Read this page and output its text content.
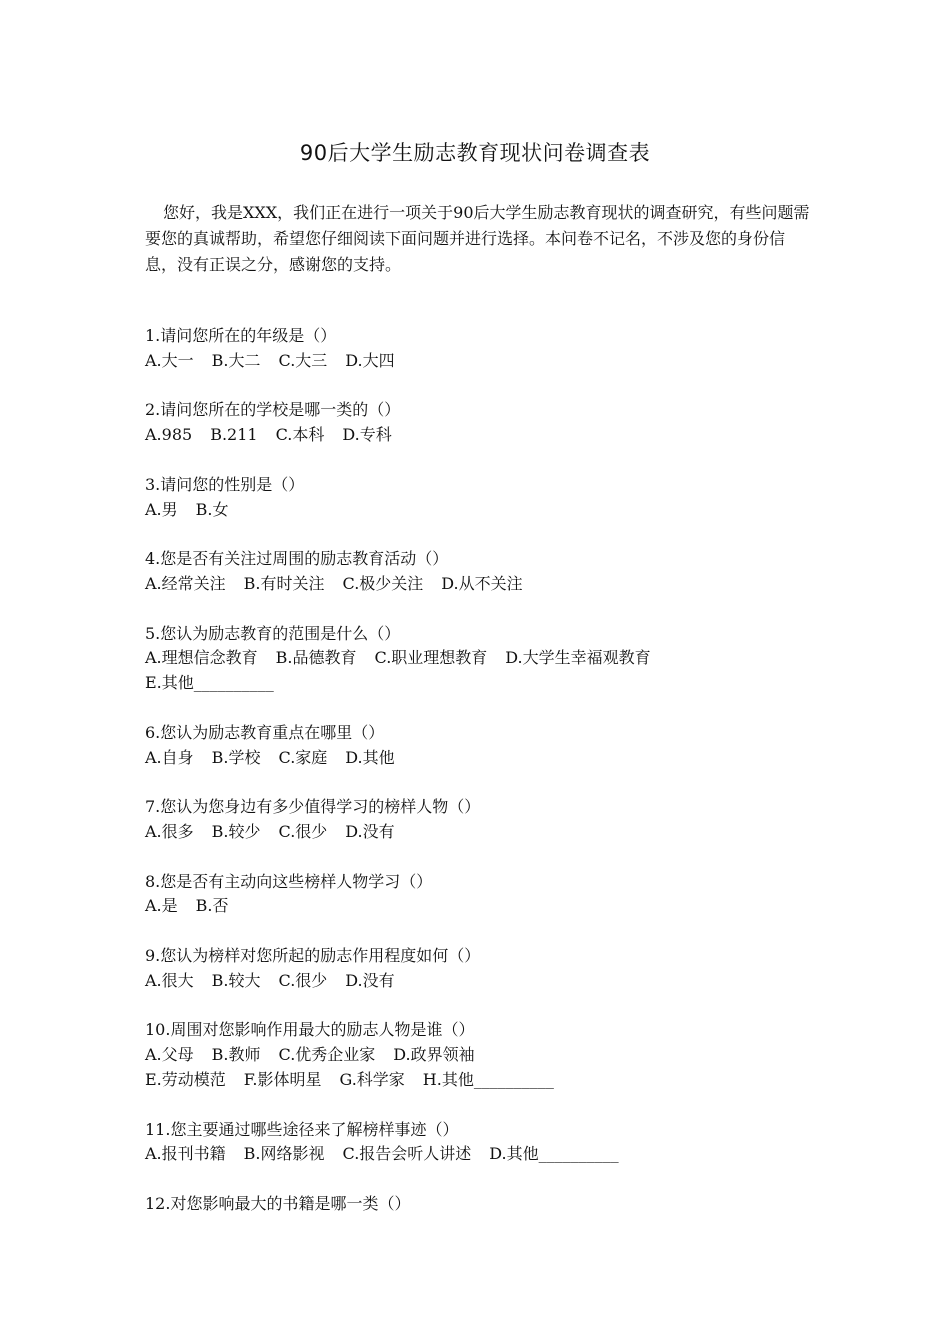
90后大学生励志教育现状问卷调查表

您好，我是XXX，我们正在进行一项关于90后大学生励志教育现状的调查研究，有些问题需要您的真诚帮助，希望您仔细阅读下面问题并进行选择。本问卷不记名，不涉及您的身份信息，没有正误之分，感谢您的支持。

1.请问您所在的年级是（）
A.大一 B.大二 C.大三 D.大四
2.请问您所在的学校是哪一类的（）
A.985 B.211 C.本科 D.专科
3.请问您的性别是（）
A.男 B.女
4.您是否有关注过周围的励志教育活动（）
A.经常关注 B.有时关注 C.极少关注 D.从不关注
5.您认为励志教育的范围是什么（）
A.理想信念教育 B.品德教育 C.职业理想教育 D.大学生幸福观教育
E.其他__________
6.您认为励志教育重点在哪里（）
A.自身 B.学校 C.家庭 D.其他
7.您认为您身边有多少值得学习的榜样人物（）
A.很多 B.较少 C.很少 D.没有
8.您是否有主动向这些榜样人物学习（）
A.是 B.否
9.您认为榜样对您所起的励志作用程度如何（）
A.很大 B.较大 C.很少 D.没有
10.周围对您影响作用最大的励志人物是谁（）
A.父母 B.教师 C.优秀企业家 D.政界领袖
E.劳动模范 F.影体明星 G.科学家 H.其他__________
11.您主要通过哪些途径来了解榜样事迹（）
A.报刊书籍 B.网络影视 C.报告会听人讲述 D.其他__________
12.对您影响最大的书籍是哪一类（）
